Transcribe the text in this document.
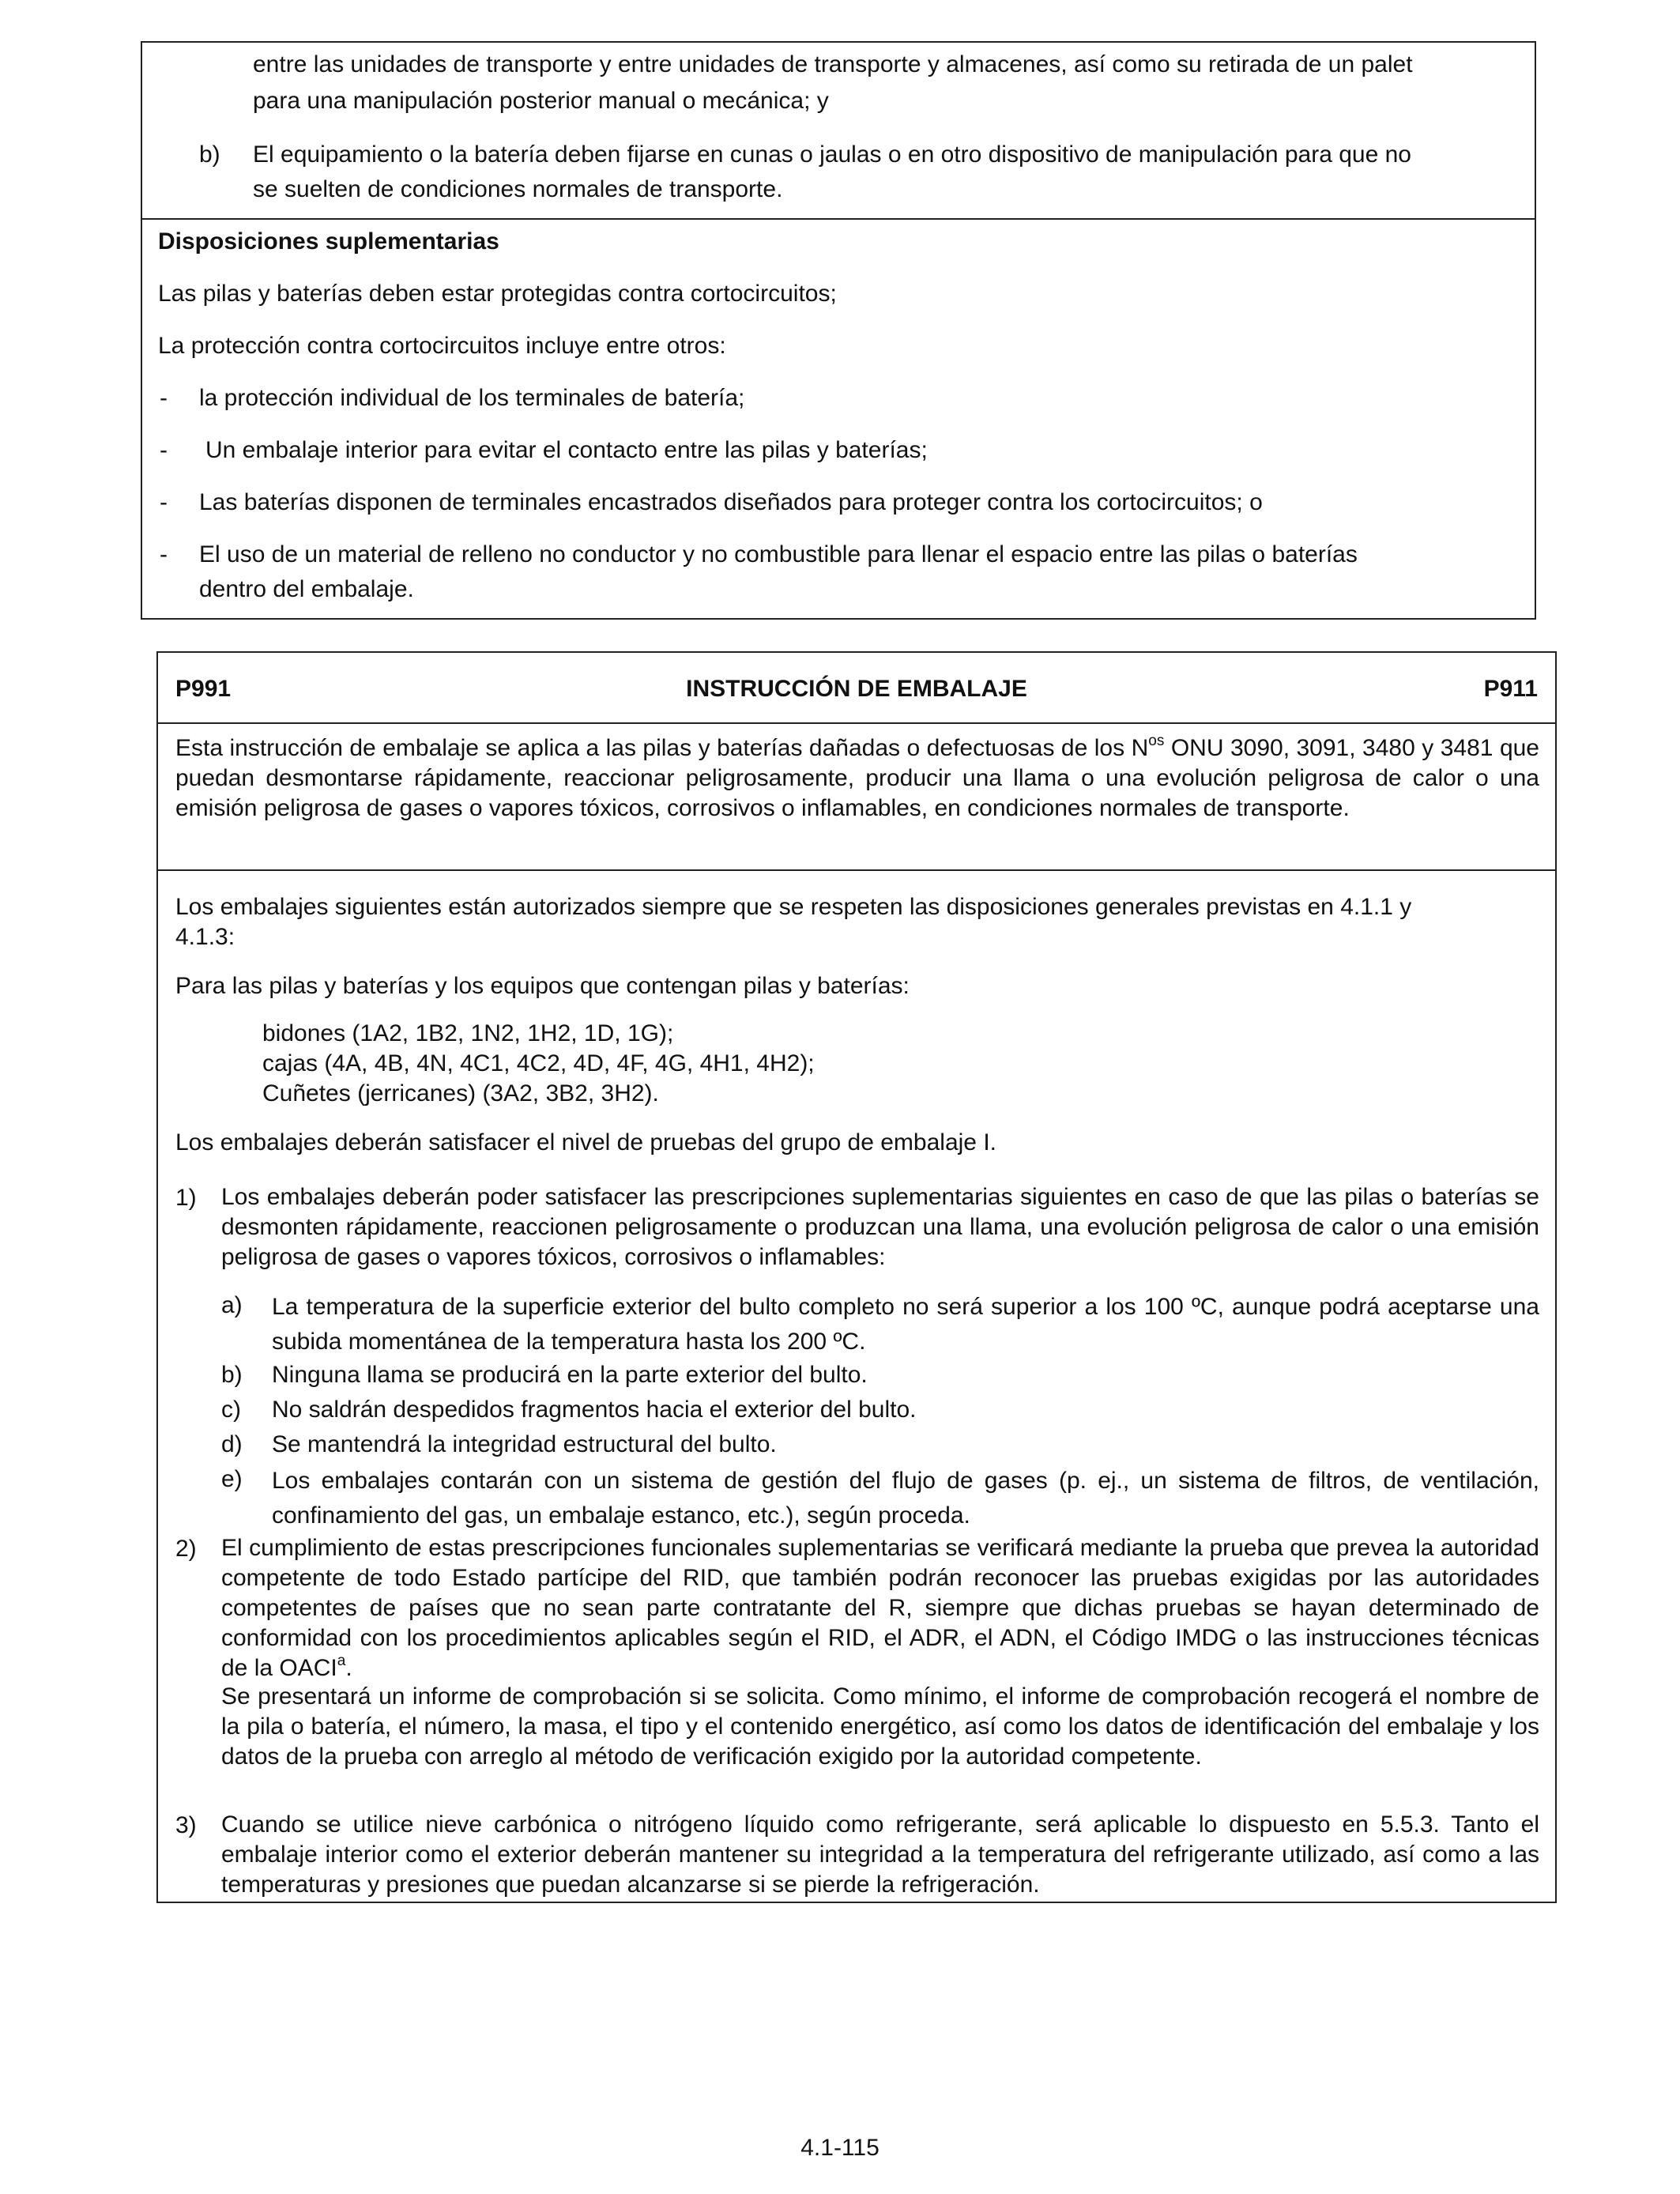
entre las unidades de transporte y entre unidades de transporte y almacenes, así como su retirada de un palet
para una manipulación posterior manual o mecánica; y
b) El equipamiento o la batería deben fijarse en cunas o jaulas o en otro dispositivo de manipulación para que no
se suelten de condiciones normales de transporte.
Disposiciones suplementarias
Las pilas y baterías deben estar protegidas contra cortocircuitos;
La protección contra cortocircuitos incluye entre otros:
- la protección individual de los terminales de batería;
- Un embalaje interior para evitar el contacto entre las pilas y baterías;
- Las baterías disponen de terminales encastrados diseñados para proteger contra los cortocircuitos; o
- El uso de un material de relleno no conductor y no combustible para llenar el espacio entre las pilas o baterías
dentro del embalaje.
P991	INSTRUCCIÓN DE EMBALAJE	P911
Esta instrucción de embalaje se aplica a las pilas y baterías dañadas o defectuosas de los $N^{os}$ ONU 3090, 3091, 3480 y 3481 que puedan desmontarse rápidamente, reaccionar peligrosamente, producir una llama o una evolución peligrosa de calor o una emisión peligrosa de gases o vapores tóxicos, corrosivos o inflamables, en condiciones normales de transporte.
Los embalajes siguientes están autorizados siempre que se respeten las disposiciones generales previstas en 4.1.1 y
4.1.3:
Para las pilas y baterías y los equipos que contengan pilas y baterías:
bidones (1A2, 1B2, 1N2, 1H2, 1D, 1G);
cajas (4A, 4B, 4N, 4C1, 4C2, 4D, 4F, 4G, 4H1, 4H2);
Cuñetes (jerricanes) (3A2, 3B2, 3H2).
Los embalajes deberán satisfacer el nivel de pruebas del grupo de embalaje I.
1) Los embalajes deberán poder satisfacer las prescripciones suplementarias siguientes en caso de que las pilas o baterías se desmonten rápidamente, reaccionen peligrosamente o produzcan una llama, una evolución peligrosa de calor o una emisión peligrosa de gases o vapores tóxicos, corrosivos o inflamables:
a) La temperatura de la superficie exterior del bulto completo no será superior a los 100 ºC, aunque podrá aceptarse una subida momentánea de la temperatura hasta los 200 ºC.
b) Ninguna llama se producirá en la parte exterior del bulto.
c) No saldrán despedidos fragmentos hacia el exterior del bulto.
d) Se mantendrá la integridad estructural del bulto.
e) Los embalajes contarán con un sistema de gestión del flujo de gases (p. ej., un sistema de filtros, de ventilación, confinamiento del gas, un embalaje estanco, etc.), según proceda.
2) El cumplimiento de estas prescripciones funcionales suplementarias se verificará mediante la prueba que prevea la autoridad competente de todo Estado partícipe del RID, que también podrán reconocer las pruebas exigidas por las autoridades competentes de países que no sean parte contratante del R, siempre que dichas pruebas se hayan determinado de conformidad con los procedimientos aplicables según el RID, el ADR, el ADN, el Código IMDG o las instrucciones técnicas de la OACI$^a$.
Se presentará un informe de comprobación si se solicita. Como mínimo, el informe de comprobación recogerá el nombre de la pila o batería, el número, la masa, el tipo y el contenido energético, así como los datos de identificación del embalaje y los datos de la prueba con arreglo al método de verificación exigido por la autoridad competente.
3) Cuando se utilice nieve carbónica o nitrógeno líquido como refrigerante, será aplicable lo dispuesto en 5.5.3. Tanto el embalaje interior como el exterior deberán mantener su integridad a la temperatura del refrigerante utilizado, así como a las temperaturas y presiones que puedan alcanzarse si se pierde la refrigeración.
4.1-115
